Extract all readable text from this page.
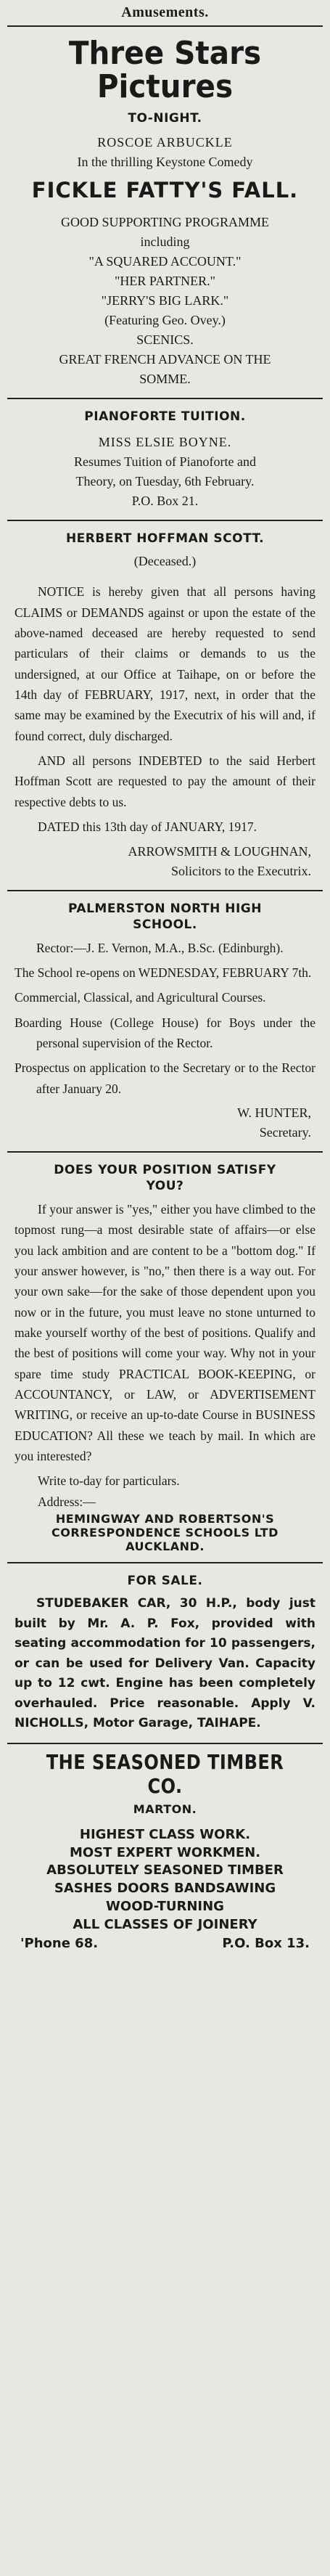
Amusements.
Three Stars Pictures
TO-NIGHT.
ROSCOE ARBUCKLE
In the thrilling Keystone Comedy
FICKLE FATTY'S FALL.
GOOD SUPPORTING PROGRAMME
including
"A SQUARED ACCOUNT."
"HER PARTNER."
"JERRY'S BIG LARK."
(Featuring Geo. Ovey.)
SCENICS.
GREAT FRENCH ADVANCE ON THE
SOMME.
PIANOFORTE TUITION.
MISS ELSIE BOYNE.
Resumes Tuition of Pianoforte and
Theory, on Tuesday, 6th February.
P.O. Box 21.
HERBERT HOFFMAN SCOTT.
(Deceased.)

NOTICE is hereby given that all persons having CLAIMS or DEMANDS against or upon the estate of the above-named deceased are hereby requested to send particulars of their claims or demands to us the undersigned, at our Office at Taihape, on or before the 14th day of FEBRUARY, 1917, next, in order that the same may be examined by the Executrix of his will and, if found correct, duly discharged.

AND all persons INDEBTED to the said Herbert Hoffman Scott are requested to pay the amount of their respective debts to us.

DATED this 13th day of JANUARY, 1917.

ARROWSMITH & LOUGHNAN,
Solicitors to the Executrix.
PALMERSTON NORTH HIGH
SCHOOL.

Rector:—J. E. Vernon, M.A., B.Sc. (Edinburgh).

The School re-opens on WEDNESDAY, FEBRUARY 7th.

Commercial, Classical, and Agricultural Courses.

Boarding House (College House) for Boys under the personal supervision of the Rector.

Prospectus on application to the Secretary or to the Rector after January 20.

W. HUNTER,
Secretary.
DOES YOUR POSITION SATISFY
YOU?

If your answer is "yes," either you have climbed to the topmost rung—a most desirable state of affairs—or else you lack ambition and are content to be a "bottom dog." If your answer however, is "no," then there is a way out. For your own sake—for the sake of those dependent upon you now or in the future, you must leave no stone unturned to make yourself worthy of the best of positions. Qualify and the best of positions will come your way. Why not in your spare time study PRACTICAL BOOK-KEEPING, or ACCOUNTANCY, or LAW, or ADVERTISEMENT WRITING, or receive an up-to-date Course in BUSINESS EDUCATION? All these we teach by mail. In which are you interested?

Write to-day for particulars.

Address:—

HEMINGWAY AND ROBERTSON'S
CORRESPONDENCE SCHOOLS LTD
AUCKLAND.
FOR SALE.
STUDEBAKER CAR, 30 H.P., body just built by Mr. A. P. Fox, provided with seating accommodation for 10 passengers, or can be used for Delivery Van. Capacity up to 12 cwt. Engine has been completely overhauled. Price reasonable. Apply V. NICHOLLS, Motor Garage, TAIHAPE.
THE SEASONED TIMBER CO.
MARTON.
HIGHEST CLASS WORK.
MOST EXPERT WORKMEN.
ABSOLUTELY SEASONED TIMBER
SASHES DOORS BANDSAWING
WOOD-TURNING
ALL CLASSES OF JOINERY
'Phone 68.	P.O. Box 13.
